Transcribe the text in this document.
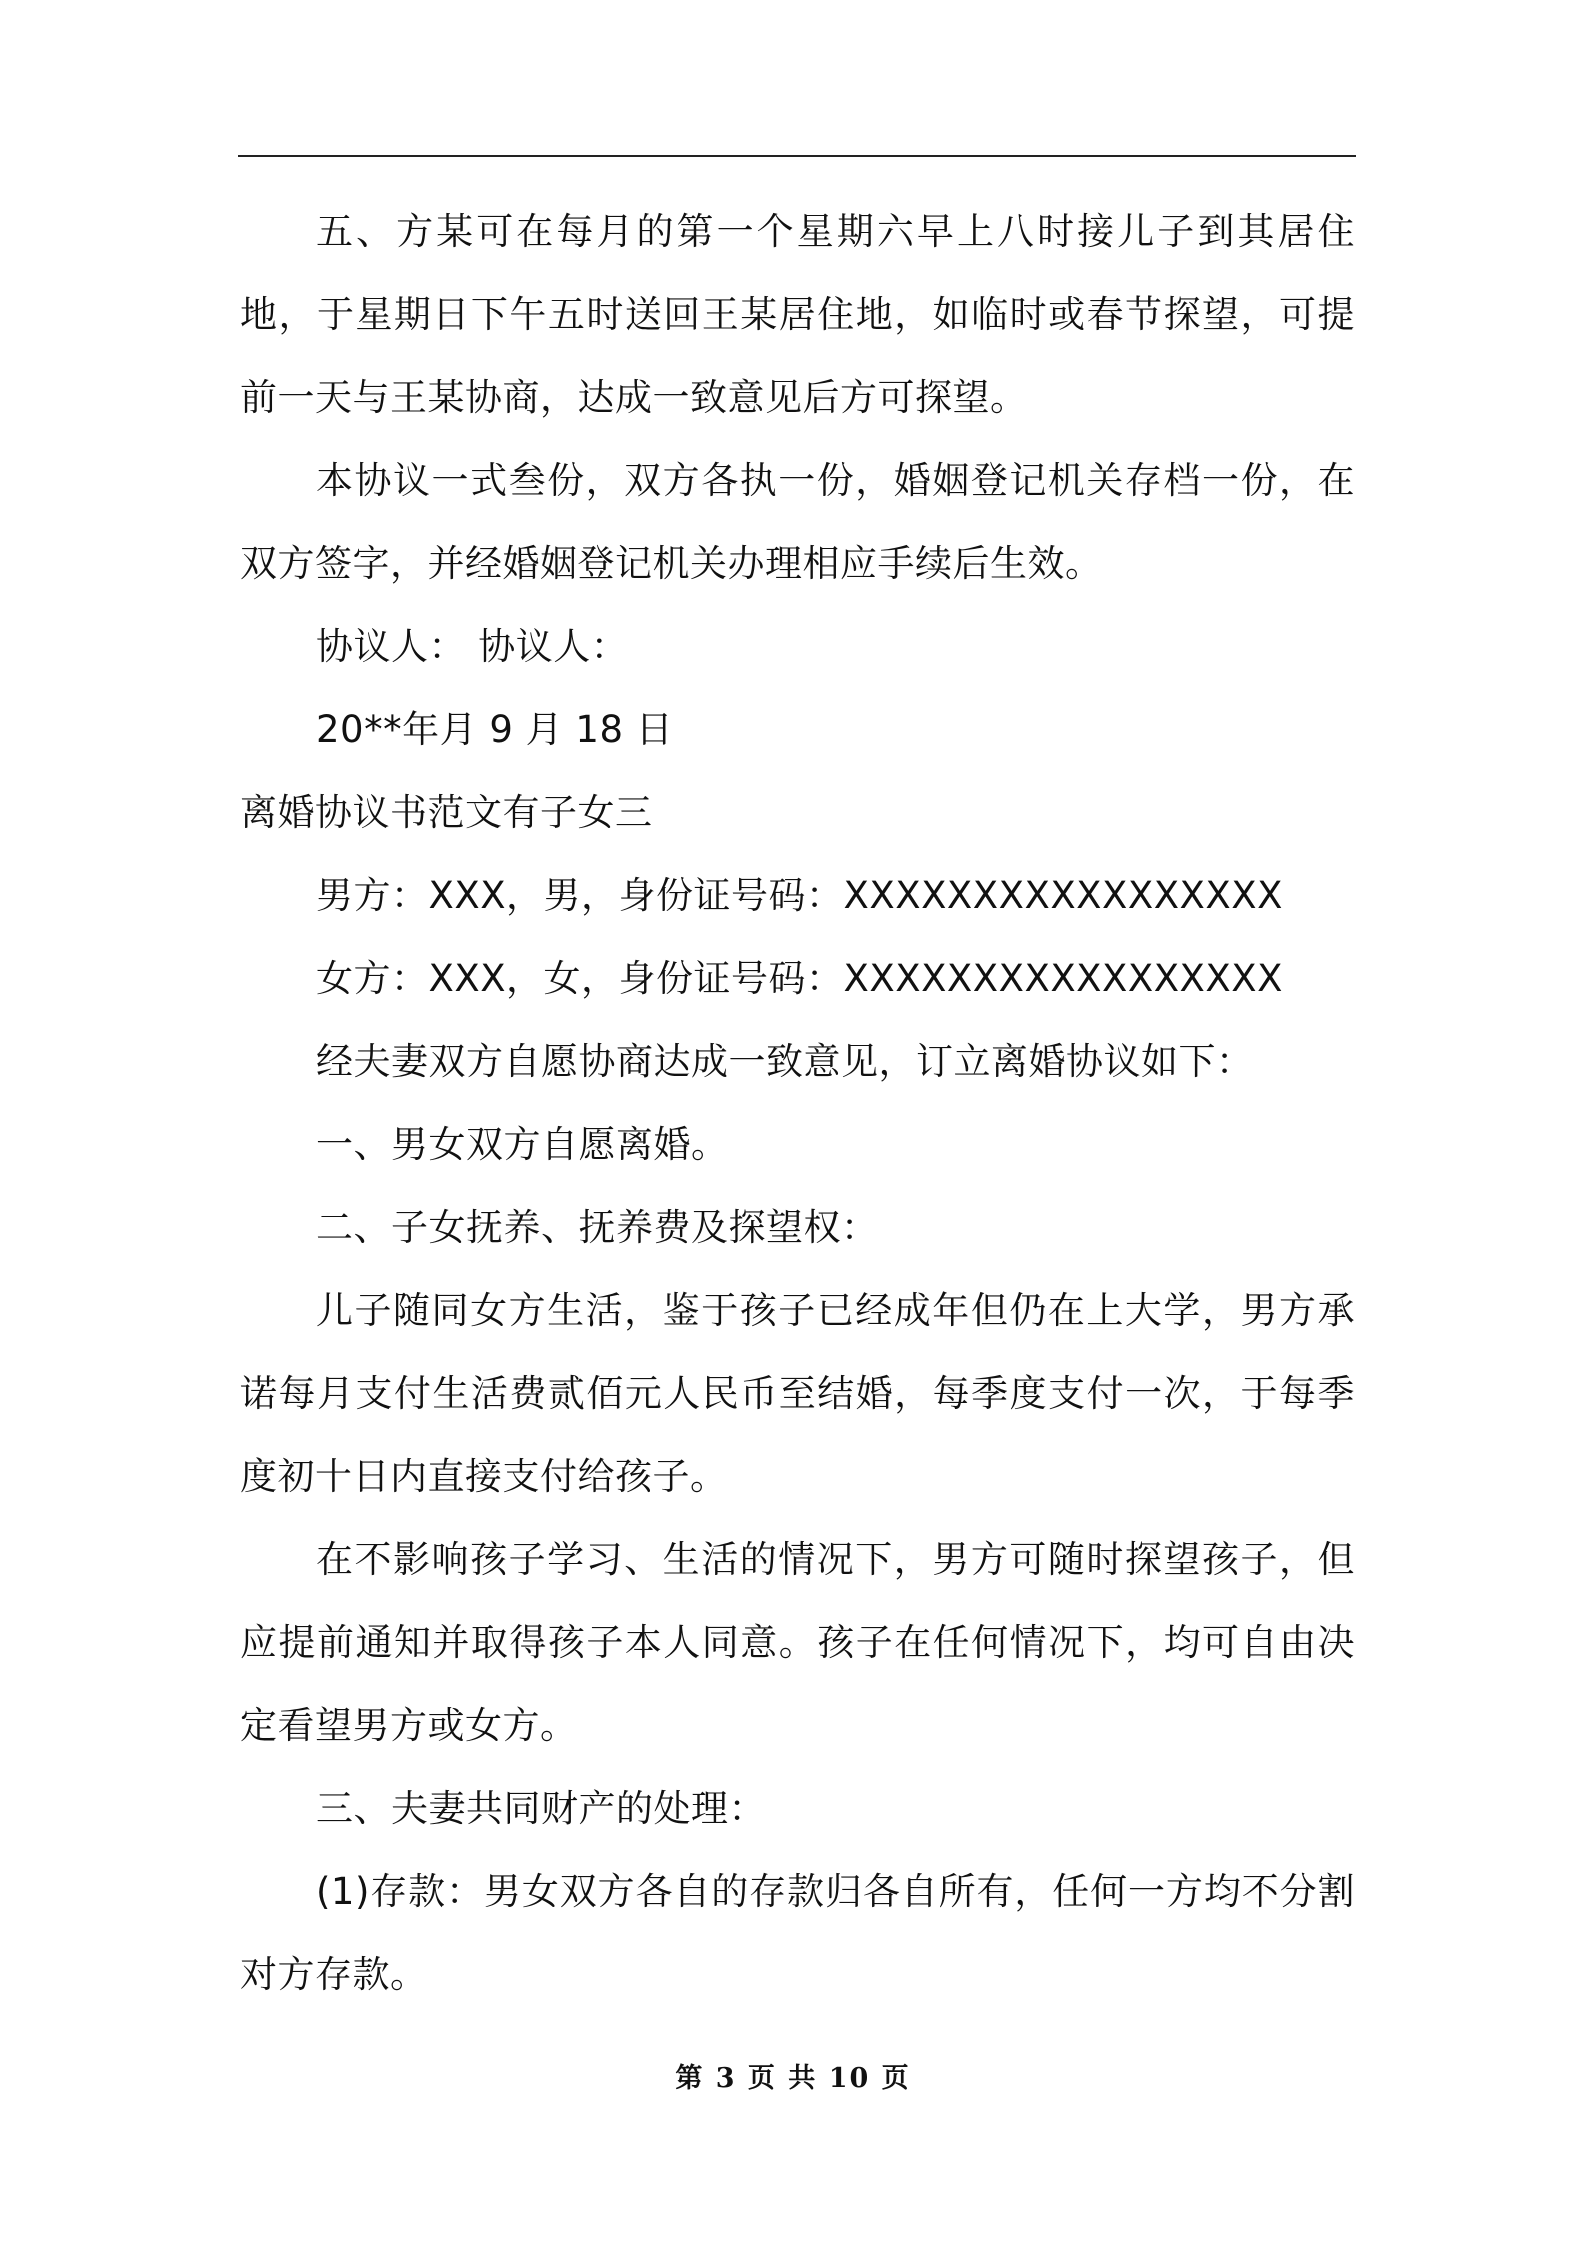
五、方某可在每月的第一个星期六早上八时接儿子到其居住地，于星期日下午五时送回王某居住地，如临时或春节探望，可提前一天与王某协商，达成一致意见后方可探望。

本协议一式叁份，双方各执一份，婚姻登记机关存档一份，在双方签字，并经婚姻登记机关办理相应手续后生效。

协议人： 协议人：

20**年月 9 月 18 日

离婚协议书范文有子女三

男方：XXX，男，身份证号码：XXXXXXXXXXXXXXXXX

女方：XXX，女，身份证号码：XXXXXXXXXXXXXXXXX

经夫妻双方自愿协商达成一致意见，订立离婚协议如下：

一、男女双方自愿离婚。

二、子女抚养、抚养费及探望权：

儿子随同女方生活，鉴于孩子已经成年但仍在上大学，男方承诺每月支付生活费贰佰元人民币至结婚，每季度支付一次，于每季度初十日内直接支付给孩子。

在不影响孩子学习、生活的情况下，男方可随时探望孩子，但应提前通知并取得孩子本人同意。孩子在任何情况下，均可自由决定看望男方或女方。

三、夫妻共同财产的处理：

(1)存款：男女双方各自的存款归各自所有，任何一方均不分割对方存款。

第 3 页 共 10 页
